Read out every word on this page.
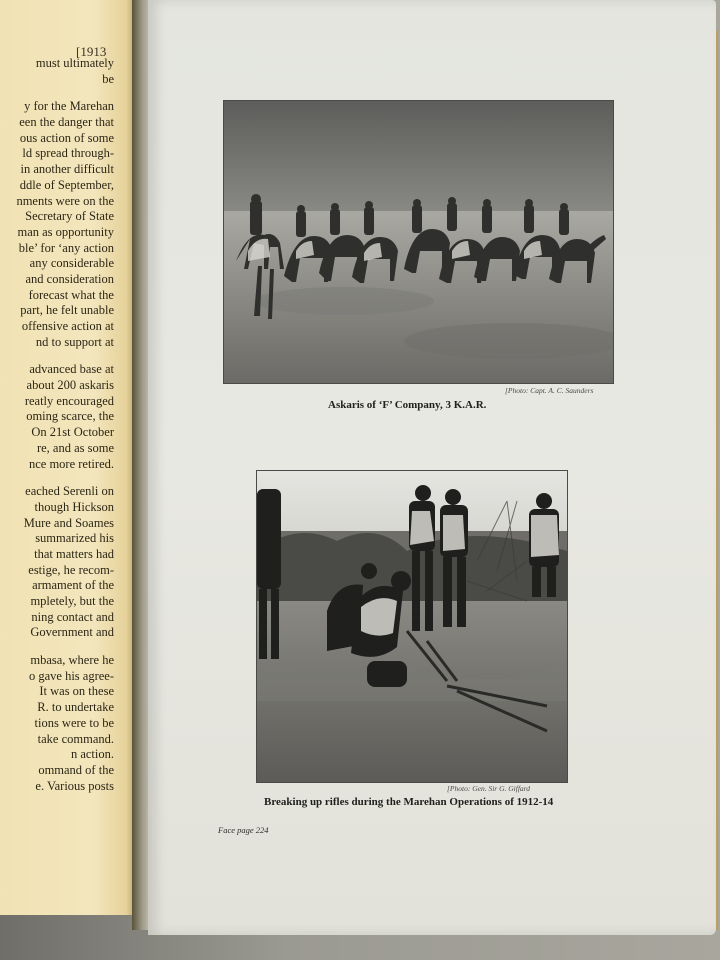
[1913
must ultimately
be
y for the Marehan
een the danger that
ous action of some
ld spread through-
in another difficult
ddle of September,
nments were on the
Secretary of State
man as opportunity
ble’ for ‘any action
any considerable
and consideration
forecast what the
part, he felt unable
offensive action at
nd to support at
advanced base at
about 200 askaris
reatly encouraged
oming scarce, the
On 21st October
re, and as some
nce more retired.
eached Serenli on
though Hickson
Mure and Soames
summarized his
that matters had
estige, he recom-
armament of the
mpletely, but the
ning contact and
Government and
mbasa, where he
o gave his agree-
It was on these
R. to undertake
tions were to be
take command.
n action.
ommand of the
e. Various posts
[Photo: Capt. A. C. Saunders
Askaris of ‘F’ Company, 3 K.A.R.
[Photo: Gen. Sir G. Giffard
Breaking up rifles during the Marehan Operations of 1912-14
Face page 224
